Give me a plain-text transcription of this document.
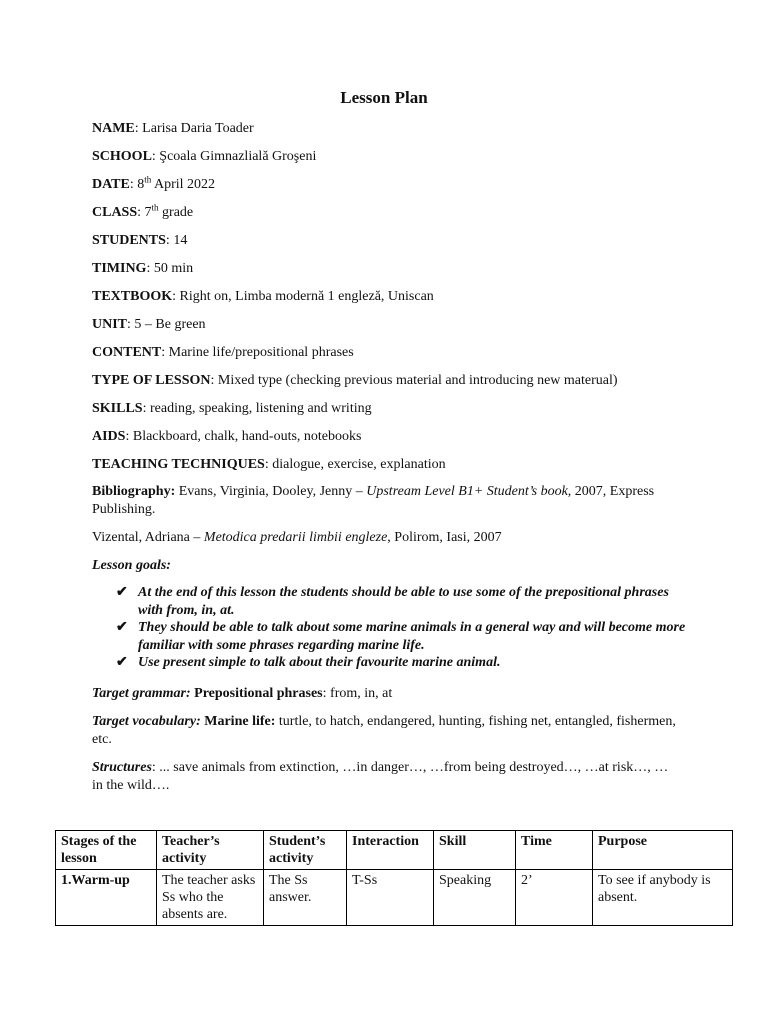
Lesson Plan
NAME: Larisa Daria Toader
SCHOOL: Şcoala Gimnazlială Groşeni
DATE: 8th April 2022
CLASS: 7th grade
STUDENTS: 14
TIMING: 50 min
TEXTBOOK: Right on, Limba modernă 1 engleză, Uniscan
UNIT: 5 – Be green
CONTENT: Marine life/prepositional phrases
TYPE OF LESSON: Mixed type (checking previous material and introducing new materual)
SKILLS: reading, speaking, listening and writing
AIDS: Blackboard, chalk, hand-outs, notebooks
TEACHING TECHNIQUES: dialogue, exercise, explanation
Bibliography: Evans, Virginia, Dooley, Jenny – Upstream Level B1+ Student’s book, 2007, Express Publishing.
Vizental, Adriana – Metodica predarii limbii engleze, Polirom, Iasi, 2007
Lesson goals:
✔ At the end of this lesson the students should be able to use some of the prepositional phrases with from, in, at.
✔ They should be able to talk about some marine animals in a general way and will become more familiar with some phrases regarding marine life.
✔ Use present simple to talk about their favourite marine animal.
Target grammar: Prepositional phrases: from, in, at
Target vocabulary: Marine life: turtle, to hatch, endangered, hunting, fishing net, entangled, fishermen, etc.
Structures: ... save animals from extinction, …in danger…, …from being destroyed…, …at risk…, …in the wild….
Stages of the lesson	Teacher’s activity	Student’s activity	Interaction	Skill	Time	Purpose
1.Warm-up	The teacher asks Ss who the absents are.	The Ss answer.	T-Ss	Speaking	2’	To see if anybody is absent.
